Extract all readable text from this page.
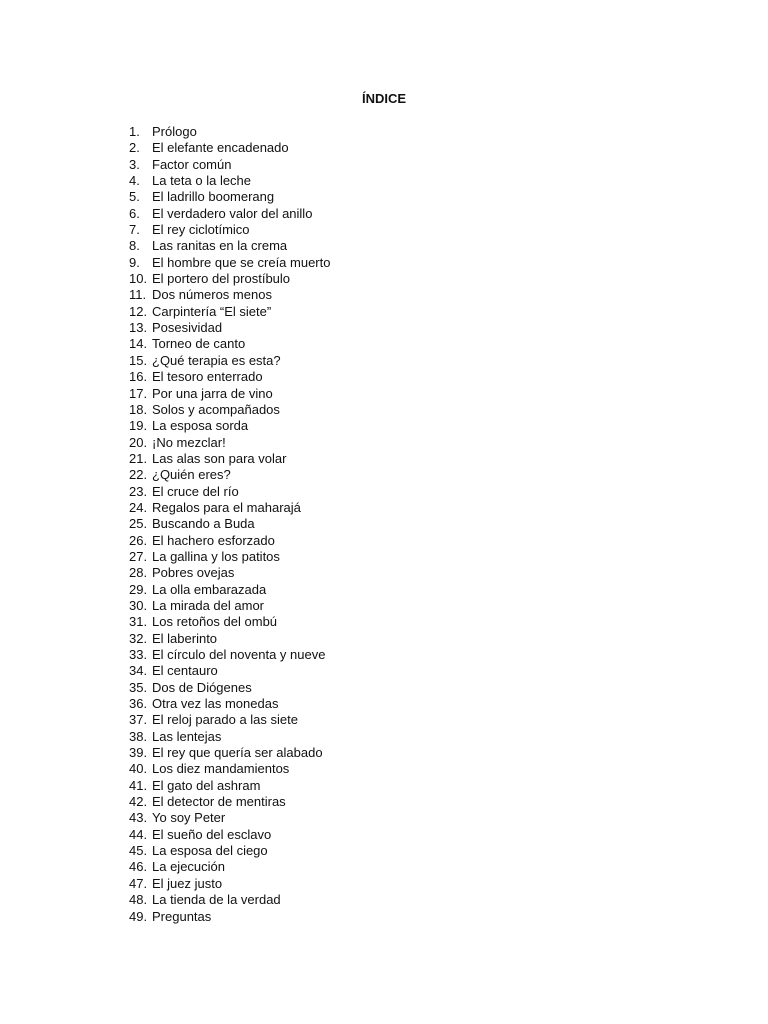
ÍNDICE
1. Prólogo
2. El elefante encadenado
3. Factor común
4. La teta o la leche
5. El ladrillo boomerang
6. El verdadero valor del anillo
7. El rey ciclotímico
8. Las ranitas en la crema
9. El hombre que se creía muerto
10. El portero del prostíbulo
11. Dos números menos
12. Carpintería “El siete”
13. Posesividad
14. Torneo de canto
15. ¿Qué terapia es esta?
16. El tesoro enterrado
17. Por una jarra de vino
18. Solos y acompañados
19. La esposa sorda
20. ¡No mezclar!
21. Las alas son para volar
22. ¿Quién eres?
23. El cruce del río
24. Regalos para el maharajá
25. Buscando a Buda
26. El hachero esforzado
27. La gallina y los patitos
28. Pobres ovejas
29. La olla embarazada
30. La mirada del amor
31. Los retoños del ombú
32. El laberinto
33. El círculo del noventa y nueve
34. El centauro
35. Dos de Diógenes
36. Otra vez las monedas
37. El reloj parado a las siete
38. Las lentejas
39. El rey que quería ser alabado
40. Los diez mandamientos
41. El gato del ashram
42. El detector de mentiras
43. Yo soy Peter
44. El sueño del esclavo
45. La esposa del ciego
46. La ejecución
47. El juez justo
48. La tienda de la verdad
49. Preguntas
